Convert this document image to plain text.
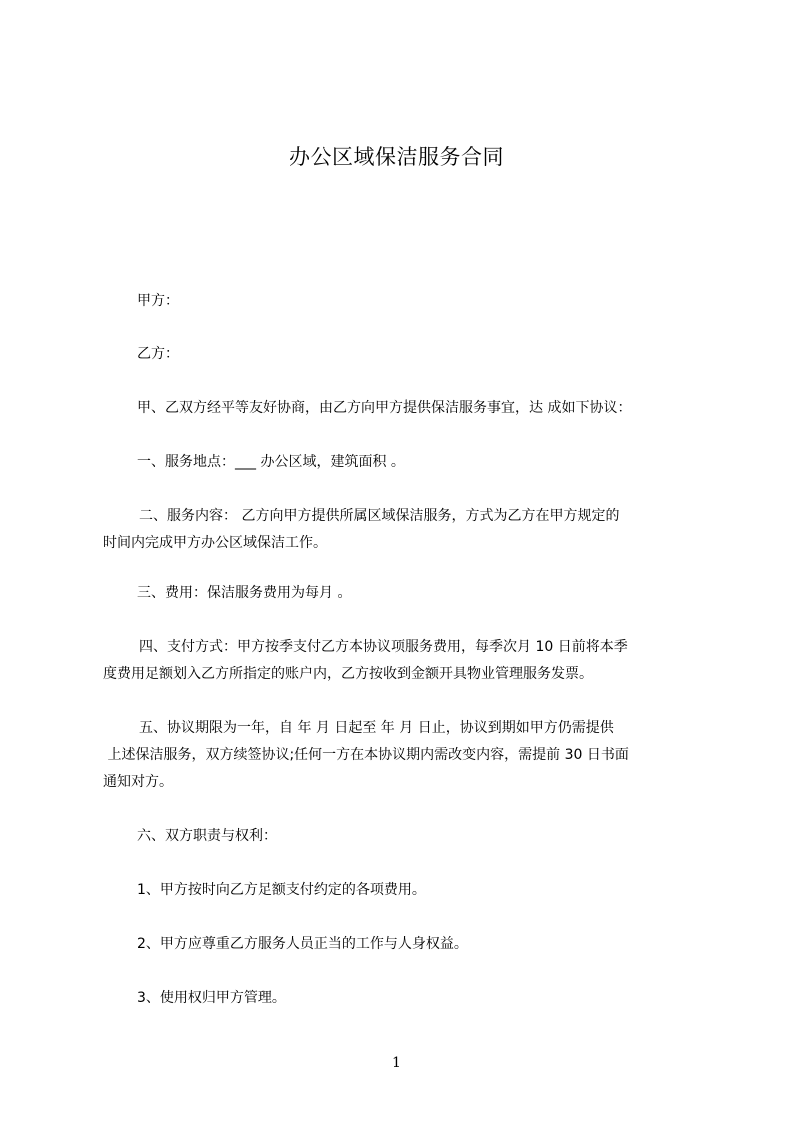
办公区域保洁服务合同
甲方：
乙方：
甲、乙双方经平等友好协商，由乙方向甲方提供保洁服务事宜，达 成如下协议：
一、服务地点：___ 办公区域，建筑面积 。
二、服务内容： 乙方向甲方提供所属区域保洁服务，方式为乙方在甲方规定的
时间内完成甲方办公区域保洁工作。
三、费用：保洁服务费用为每月 。
四、支付方式：甲方按季支付乙方本协议项服务费用，每季次月 10 日前将本季
度费用足额划入乙方所指定的账户内，乙方按收到金额开具物业管理服务发票。
五、协议期限为一年，自 年 月 日起至 年 月 日止，协议到期如甲方仍需提供
上述保洁服务，双方续签协议;任何一方在本协议期内需改变内容，需提前 30 日书面
通知对方。
六、双方职责与权利：
1、甲方按时向乙方足额支付约定的各项费用。
2、甲方应尊重乙方服务人员正当的工作与人身权益。
3、使用权归甲方管理。
1
